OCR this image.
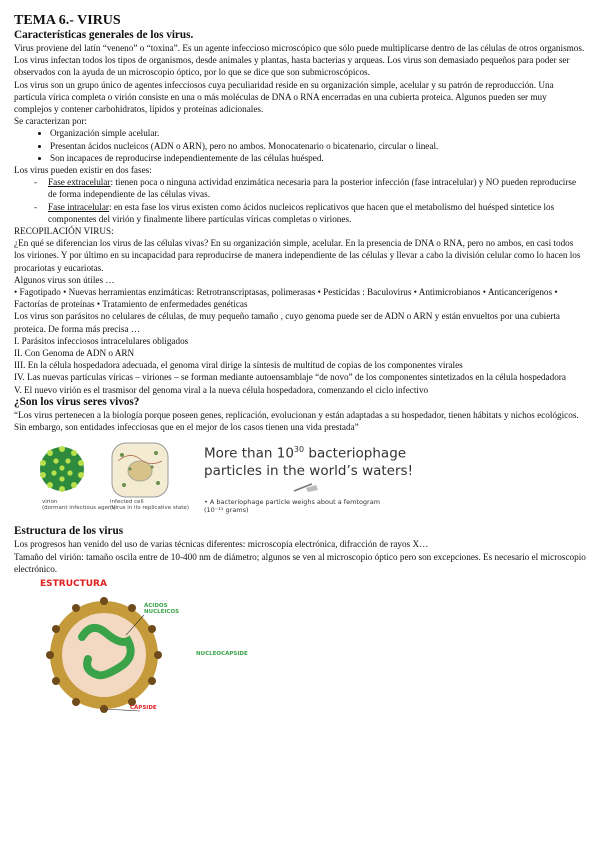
TEMA 6.- VIRUS

Características generales de los virus.

Virus proviene del latín “veneno” o “toxina”. Es un agente infeccioso microscópico que sólo puede multiplicarse dentro de las células de otros organismos. Los virus infectan todos los tipos de organismos, desde animales y plantas, hasta bacterias y arqueas. Los virus son demasiado pequeños para poder ser observados con la ayuda de un microscopio óptico, por lo que se dice que son submicroscópicos.

Los virus son un grupo único de agentes infecciosos cuya peculiaridad reside en su organización simple, acelular y su patrón de reproducción. Una partícula vírica completa o virión consiste en una o más moléculas de DNA o RNA encerradas en una cubierta proteica. Algunos pueden ser muy complejos y contener carbohidratos, lípidos y proteínas adicionales.

Se caracterizan por:

• Organización simple acelular.
• Presentan ácidos nucleicos (ADN o ARN), pero no ambos. Monocatenario o bicatenario, circular o lineal.
• Son incapaces de reproducirse independientemente de las células huésped.

Los virus pueden existir en dos fases:

- Fase extracelular: tienen poca o ninguna actividad enzimática necesaria para la posterior infección (fase intracelular) y NO pueden reproducirse de forma independiente de las células vivas.
- Fase intracelular: en esta fase los virus existen como ácidos nucleicos replicativos que hacen que el metabolismo del huésped sintetice los componentes del virión y finalmente libere partículas víricas completas o viriones.

RECOPILACIÓN VIRUS:

¿En qué se diferencian los virus de las células vivas? En su organización simple, acelular. En la presencia de DNA o RNA, pero no ambos, en casi todos los viriones. Y por último en su incapacidad para reproducirse de manera independiente de las células y llevar a cabo la división celular como lo hacen los procariotas y eucariotas.

Algunos virus son útiles …

• Fagotipado • Nuevas herramientas enzimáticas: Retrotranscriptasas, polimerasas • Pesticidas : Baculovirus • Antimicrobianos • Anticancerígenos • Factorías de proteínas • Tratamiento de enfermedades genéticas

Los virus son parásitos no celulares de células, de muy pequeño tamaño , cuyo genoma puede ser de ADN o ARN y están envueltos por una cubierta proteica. De forma más precisa …

I. Parásitos infecciosos intracelulares obligados

II. Con Genoma de ADN o ARN

III. En la célula hospedadora adecuada, el genoma viral dirige la síntesis de multitud de copias de los componentes virales

IV. Las nuevas partículas víricas – viriones – se forman mediante autoensamblaje “de novo” de los componentes sintetizados en la célula hospedadora

V. El nuevo virión es el trasmisor del genoma viral a la nueva célula hospedadora, comenzando el ciclo infectivo

¿Son los virus seres vivos?

“Los virus pertenecen a la biología porque poseen genes, replicación, evolucionan y están adaptadas a su hospedador, tienen hábitats y nichos ecológicos. Sin embargo, son entidades infecciosas que en el mejor de los casos tienen una vida prestada”

virion
(dormant infectious agent)
infected cell
(virus in its replicative state)
More than $10^{30}$ bacteriophage
particles in the world’s waters!
• A bacteriophage particle weighs about a femtogram
(10⁻¹⁵ grams)

Estructura de los virus

Los progresos han venido del uso de varias técnicas diferentes: microscopía electrónica, difracción de rayos X…

Tamaño del virión: tamaño oscila entre de 10-400 nm de diámetro; algunos se ven al microscopio óptico pero son excepciones. Es necesario el microscopio electrónico.

ESTRUCTURA
ÁCIDOS
NUCLEICOS
NUCLEOCÁPSIDE
CÁPSIDE
